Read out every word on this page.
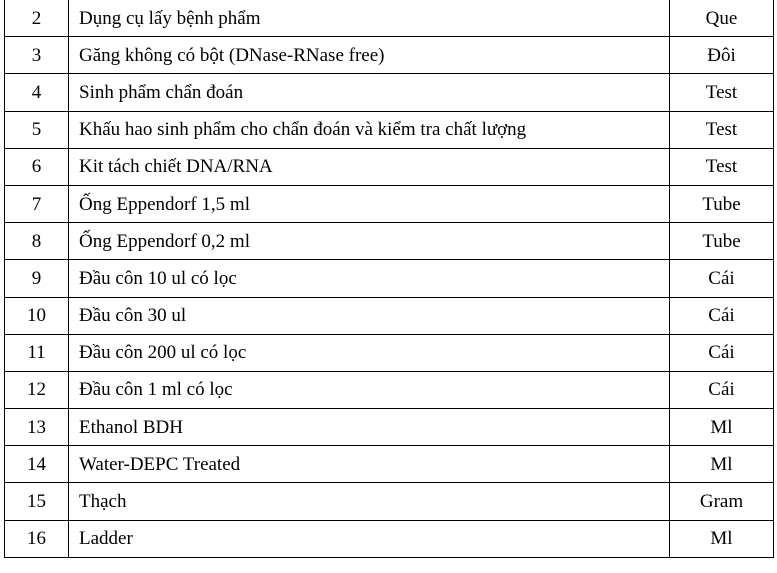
2	Dụng cụ lấy bệnh phẩm	Que
3	Găng không có bột (DNase-RNase free)	Đôi
4	Sinh phẩm chẩn đoán	Test
5	Khấu hao sinh phẩm cho chẩn đoán và kiểm tra chất lượng	Test
6	Kit tách chiết DNA/RNA	Test
7	Ống Eppendorf 1,5 ml	Tube
8	Ống Eppendorf 0,2 ml	Tube
9	Đầu côn 10 ul có lọc	Cái
10	Đầu côn 30 ul	Cái
11	Đầu côn 200 ul có lọc	Cái
12	Đầu côn 1 ml có lọc	Cái
13	Ethanol BDH	Ml
14	Water-DEPC Treated	Ml
15	Thạch	Gram
16	Ladder	Ml
